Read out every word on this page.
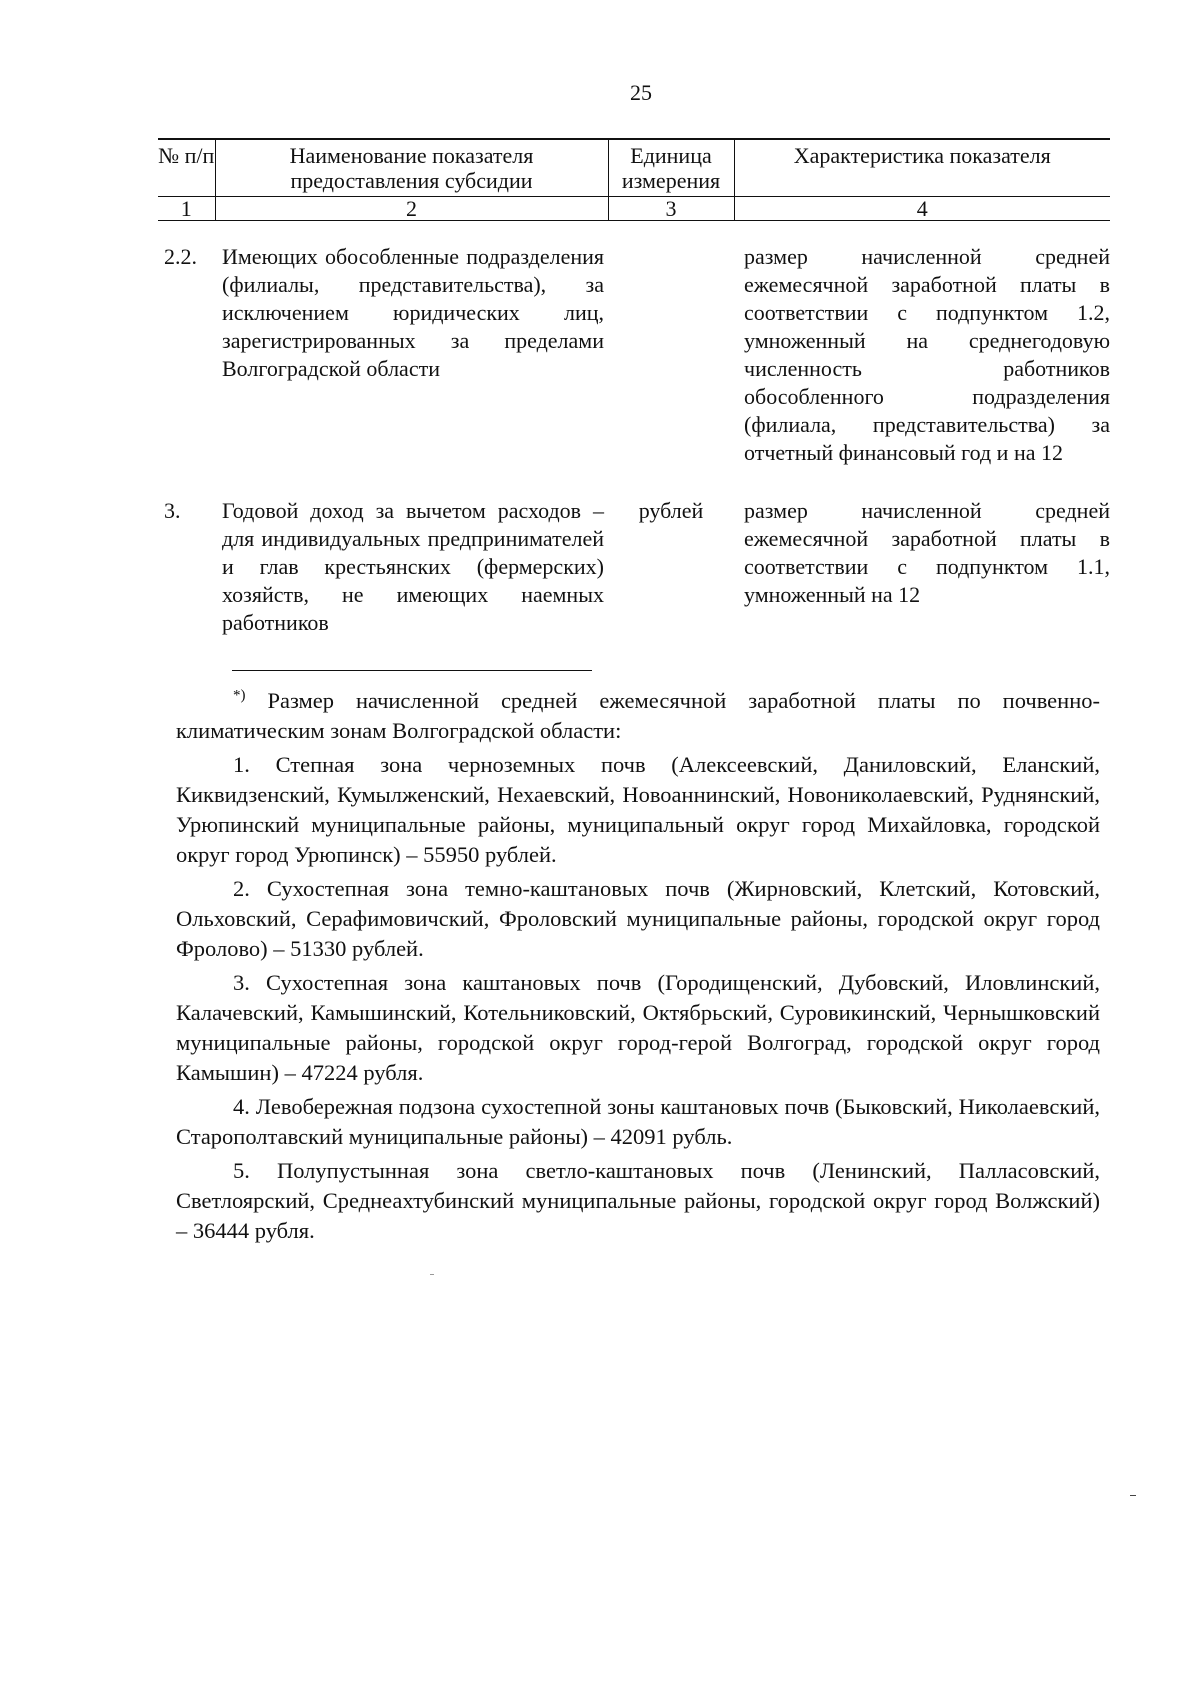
25
№ п/п	Наименование показателя предоставления субсидии	Единица измерения	Характеристика показателя
1	2	3	4
2.2.	Имеющих обособленные подразделения (филиалы, представительства), за исключением юридических лиц, зарегистрированных за пределами Волгоградской области		размер начисленной средней ежемесячной заработной платы в соответствии с подпунктом 1.2, умноженный на среднегодовую численность работников обособленного подразделения (филиала, представительства) за отчетный финансовый год и на 12
3.	Годовой доход за вычетом расходов – для индивидуальных предпринимателей и глав крестьянских (фермерских) хозяйств, не имеющих наемных работников	рублей	размер начисленной средней ежемесячной заработной платы в соответствии с подпунктом 1.1, умноженный на 12

*) Размер начисленной средней ежемесячной заработной платы по почвенно-климатическим зонам Волгоградской области:

1. Степная зона черноземных почв (Алексеевский, Даниловский, Еланский, Киквидзенский, Кумылженский, Нехаевский, Новоаннинский, Новониколаевский, Руднянский, Урюпинский муниципальные районы, муниципальный округ город Михайловка, городской округ город Урюпинск) – 55950 рублей.

2. Сухостепная зона темно-каштановых почв (Жирновский, Клетский, Котовский, Ольховский, Серафимовичский, Фроловский муниципальные районы, городской округ город Фролово) – 51330 рублей.

3. Сухостепная зона каштановых почв (Городищенский, Дубовский, Иловлинский, Калачевский, Камышинский, Котельниковский, Октябрьский, Суровикинский, Чернышковский муниципальные районы, городской округ город-герой Волгоград, городской округ город Камышин) – 47224 рубля.

4. Левобережная подзона сухостепной зоны каштановых почв (Быковский, Николаевский, Старополтавский муниципальные районы) – 42091 рубль.

5. Полупустынная зона светло-каштановых почв (Ленинский, Палласовский, Светлоярский, Среднеахтубинский муниципальные районы, городской округ город Волжский) – 36444 рубля.
